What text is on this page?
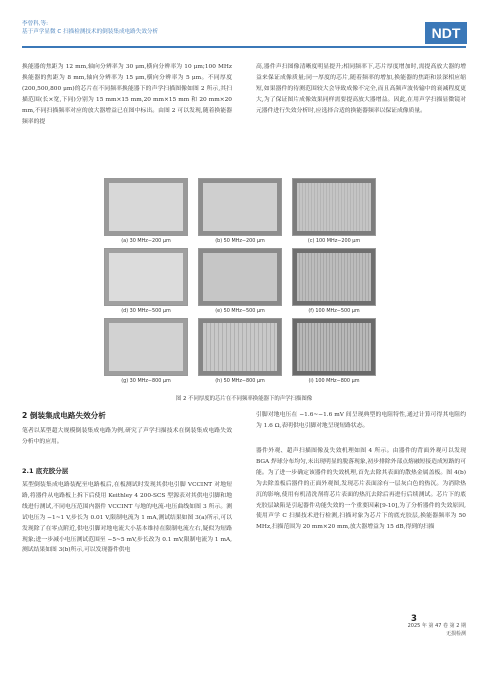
李曾科,等:
基于声学显微 C 扫描检测技术的倒装集成电路失效分析	NDT
换能器的焦距为 12 mm,轴向分辨率为 30 μm,横向分辨率为 10 μm;100 MHz 换能器的焦距为 8 mm,轴向分辨率为 15 μm,横向分辨率为 5 μm。不同厚度(200,500,800 μm)的芯片在不同频率换能器下的声学扫描图像如图 2 所示,其扫描范围(长×宽,下同)分别为 15 mm×15 mm,20 mm×15 mm 和 20 mm×20 mm,不同扫描频率对应的放大器增益已在图中标出。由图 2 可以发现,随着换能器频率的提
高,器件声扫图像清晰度明显提升;相同频率下,芯片厚度增加时,需提高放大器的增益来保证成像质量;同一厚度的芯片,随着频率的增加,换能器的焦距和景深相应缩短,如果器件的待测范围较大会导致成像不完全,而且高频声波传输中的衰减程度更大,为了保证图片成像效果同样需要提高放大器增益。因此,在用声学扫描显微镜对元器件进行失效分析时,应选择合适的换能器频率以保证成像质量。
(a) 30 MHz−200 μm	(b) 50 MHz−200 μm	(c) 100 MHz−200 μm
(d) 30 MHz−500 μm	(e) 50 MHz−500 μm	(f) 100 MHz−500 μm
(g) 30 MHz−800 μm	(h) 50 MHz−800 μm	(i) 100 MHz−800 μm
图 2 不同厚度的芯片在不同频率换能器下的声学扫描图像
2 倒装集成电路失效分析
笔者以某型超大规模倒装集成电路为例,研究了声学扫描技术在倒装集成电路失效分析中的应用。
2.1 底充胶分层
某型倒装集成电路装配至电路板后,在板测试时发现其供电引脚 VCCINT 对地短路,将器件从电路板上拆下后使用 Keithley 4 200-SCS 型源表对其供电引脚和地线进行测试,不同电压范围内器件 VCCINT 与地的电流-电压曲线如图 3 所示。测试电压为 −1~1 V,步长为 0.01 V,限制电流为 1 mA,测试结果如图 3(a)所示,可以发现除了在零点附近,供电引脚对地电流大小基本维持在限制电流左右,疑似为短路现象;进一步减小电压测试范围至 −5~5 mV,步长改为 0.1 mV,限制电流为 1 mA,测试结果如图 3(b)所示,可以发现器件供电
引脚对地电压在 −1.6~−1.6 mV 间呈现典型的电阻特性,通过计算可得其电阻约为 1.6 Ω,表明供电引脚对地呈现短路状态。
器件外观、超声扫描图像及失效机理如图 4 所示。由器件的背面外观可以发现 BGA 焊球分布均匀,未出现明显的脱落现象,初步排除外部点熔融短接造成短路的可能。为了进一步确定该器件的失效机理,首先去除其表面的散热金属盖板。图 4(b)为去除盖板后器件的正面外观图,发现芯片表面涂有一层灰白色的热沉。为消除热沉的影响,使用有机清洗剂将芯片表面的热沉去除后再进行后续测试。芯片下的底充胶层缺陷是引起器件功能失效的一个重要因素[9-10],为了分析器件的失效原因,使用声学 C 扫描技术进行检测,扫描对象为芯片下的底充胶层,换能器频率为 50 MHz,扫描范围为 20 mm×20 mm,放大器增益为 15 dB,得到的扫描
3
2025 年 第 47 卷 第 2 期
无损检测
